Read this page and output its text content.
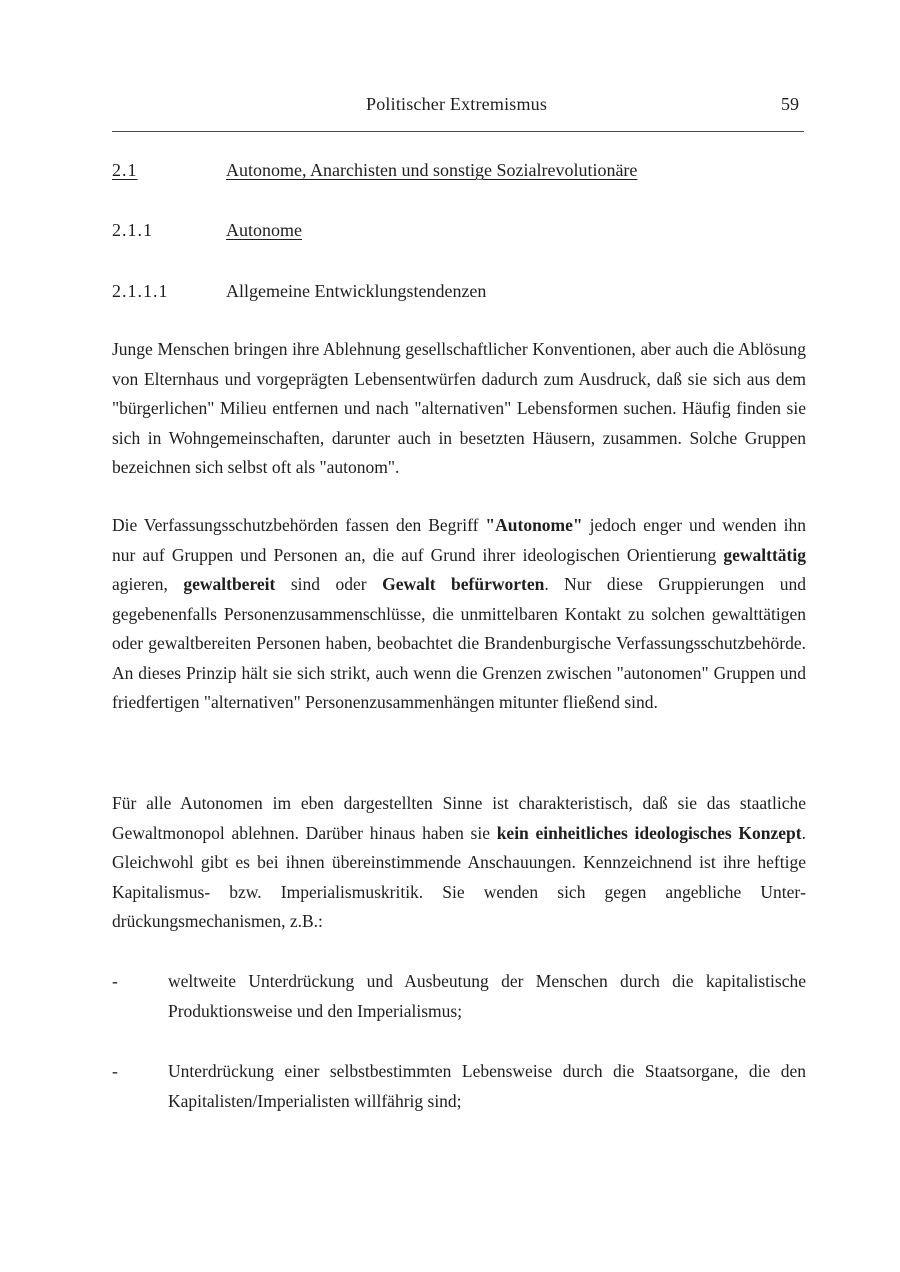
Politischer Extremismus	59
2.1	Autonome, Anarchisten und sonstige Sozialrevolutionäre
2.1.1	Autonome
2.1.1.1	Allgemeine Entwicklungstendenzen

Junge Menschen bringen ihre Ablehnung gesellschaftlicher Konventionen, aber auch die Ablösung von Elternhaus und vorgeprägten Lebensentwürfen dadurch zum Ausdruck, daß sie sich aus dem "bürgerlichen" Milieu entfernen und nach "alternativen" Lebensformen suchen. Häufig finden sie sich in Wohngemeinschaften, darunter auch in besetzten Häusern, zusammen. Solche Gruppen bezeichnen sich selbst oft als "autonom".

Die Verfassungsschutzbehörden fassen den Begriff "Autonome" jedoch enger und wenden ihn nur auf Gruppen und Personen an, die auf Grund ihrer ideologischen Orientierung gewalttätig agieren, gewaltbereit sind oder Gewalt befürworten. Nur diese Gruppierungen und gegebenenfalls Personenzusammenschlüsse, die unmittelbaren Kontakt zu solchen gewalttätigen oder gewaltbereiten Personen haben, beobachtet die Brandenburgische Verfassungsschutzbehörde. An dieses Prinzip hält sie sich strikt, auch wenn die Grenzen zwischen "autonomen" Gruppen und friedfertigen "alternativen" Personenzusammenhängen mitunter fließend sind.

Für alle Autonomen im eben dargestellten Sinne ist charakteristisch, daß sie das staatliche Gewaltmonopol ablehnen. Darüber hinaus haben sie kein einheitliches ideologisches Konzept. Gleichwohl gibt es bei ihnen übereinstimmende Anschauungen. Kennzeichnend ist ihre heftige Kapitalismus- bzw. Imperialismuskritik. Sie wenden sich gegen angebliche Unterdrückungsmechanismen, z.B.:

-	weltweite Unterdrückung und Ausbeutung der Menschen durch die kapitalistische Produktionsweise und den Imperialismus;
-	Unterdrückung einer selbstbestimmten Lebensweise durch die Staatsorgane, die den Kapitalisten/Imperialisten willfährig sind;
